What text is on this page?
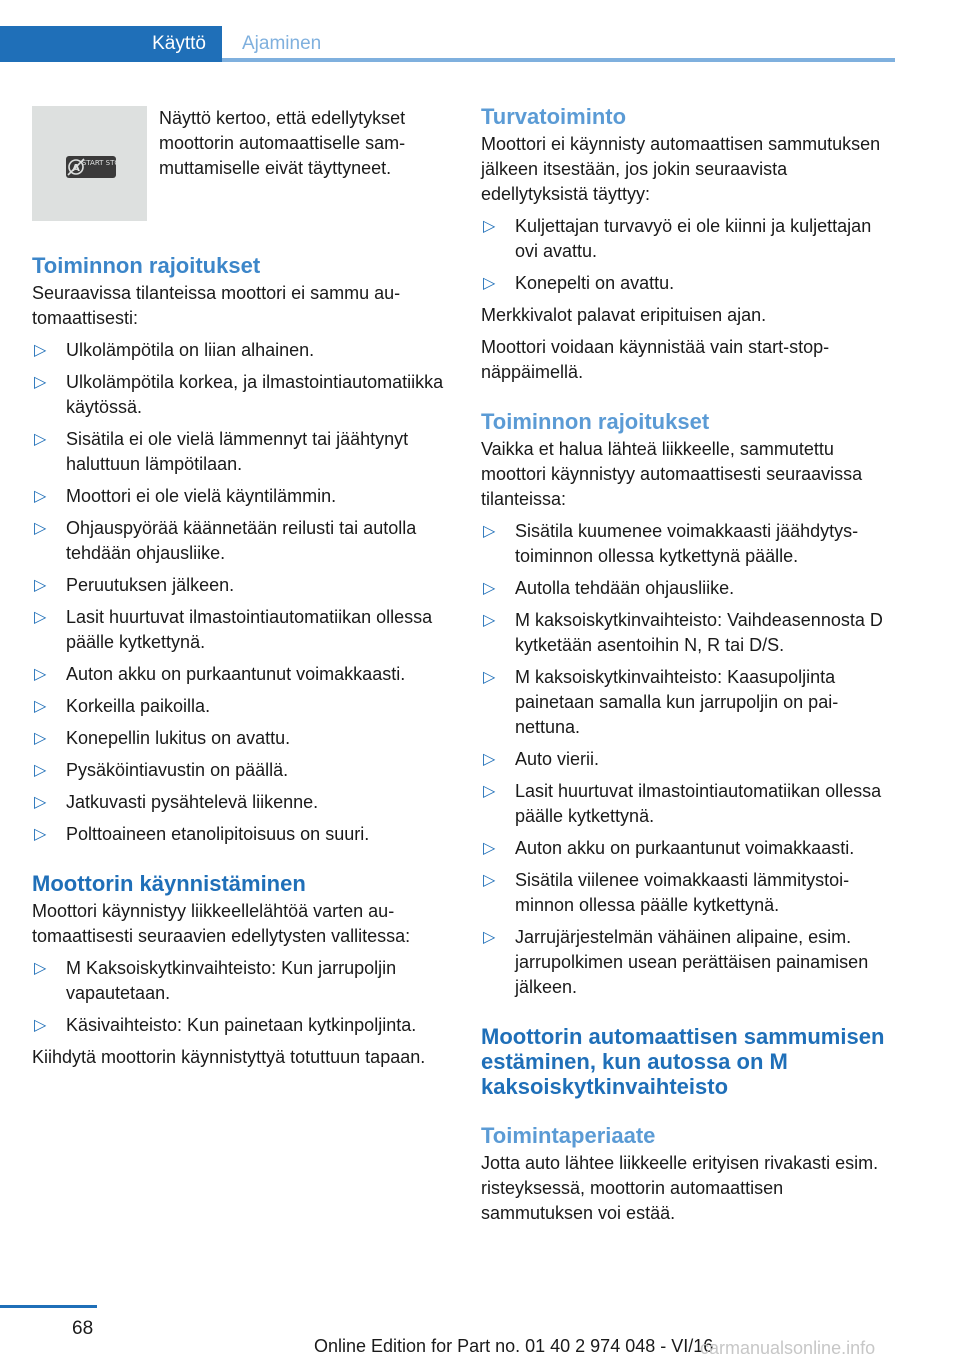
Käyttö Ajaminen
A START STOP
Näyttö kertoo, että edellytykset moottorin automaattiselle sammuttamiselle eivät täyttyneet.
Toiminnon rajoitukset

Seuraavissa tilanteissa moottori ei sammu automaattisesti:

▷ Ulkolämpötila on liian alhainen.
▷ Ulkolämpötila korkea, ja ilmastointiautomatiikka käytössä.
▷ Sisätila ei ole vielä lämmennyt tai jäähtynyt haluttuun lämpötilaan.
▷ Moottori ei ole vielä käyntilämmin.
▷ Ohjauspyörää käännetään reilusti tai autolla tehdään ohjausliike.
▷ Peruutuksen jälkeen.
▷ Lasit huurtuvat ilmastointiautomatiikan ollessa päälle kytkettynä.
▷ Auton akku on purkaantunut voimakkaasti.
▷ Korkeilla paikoilla.
▷ Konepellin lukitus on avattu.
▷ Pysäköintiavustin on päällä.
▷ Jatkuvasti pysähtelevä liikenne.
▷ Polttoaineen etanolipitoisuus on suuri.
Moottorin käynnistäminen

Moottori käynnistyy liikkeellelähtöä varten automaattisesti seuraavien edellytysten vallitessa:

▷ M Kaksoiskytkinvaihteisto: Kun jarrupoljin vapautetaan.
▷ Käsivaihteisto: Kun painetaan kytkinpoljinta.

Kiihdytä moottorin käynnistyttyä totuttuun tapaan.

Turvatoiminto

Moottori ei käynnisty automaattisen sammutuksen jälkeen itsestään, jos jokin seuraavista edellytyksistä täyttyy:

▷ Kuljettajan turvavyö ei ole kiinni ja kuljettajan ovi avattu.
▷ Konepelti on avattu.

Merkkivalot palavat eripituisen ajan.

Moottori voidaan käynnistää vain start-stop-näppäimellä.

Toiminnon rajoitukset

Vaikka et halua lähteä liikkeelle, sammutettu moottori käynnistyy automaattisesti seuraavissa tilanteissa:

▷ Sisätila kuumenee voimakkaasti jäähdytystoiminnon ollessa kytkettynä päälle.
▷ Autolla tehdään ohjausliike.
▷ M kaksoiskytkinvaihteisto: Vaihdeasennosta D kytketään asentoihin N, R tai D/S.
▷ M kaksoiskytkinvaihteisto: Kaasupoljinta painetaan samalla kun jarrupoljin on painettuna.
▷ Auto vierii.
▷ Lasit huurtuvat ilmastointiautomatiikan ollessa päälle kytkettynä.
▷ Auton akku on purkaantunut voimakkaasti.
▷ Sisätila viilenee voimakkaasti lämmitystoiminnon ollessa päälle kytkettynä.
▷ Jarrujärjestelmän vähäinen alipaine, esim. jarrupolkimen usean perättäisen painamisen jälkeen.
Moottorin automaattisen sammumisen estäminen, kun autossa on M kaksoiskytkinvaihteisto
Toimintaperiaate

Jotta auto lähtee liikkeelle erityisen rivakasti esim. risteyksessä, moottorin automaattisen sammutuksen voi estää.

68
Online Edition for Part no. 01 40 2 974 048 - VI/16
carmanualsonline.info
